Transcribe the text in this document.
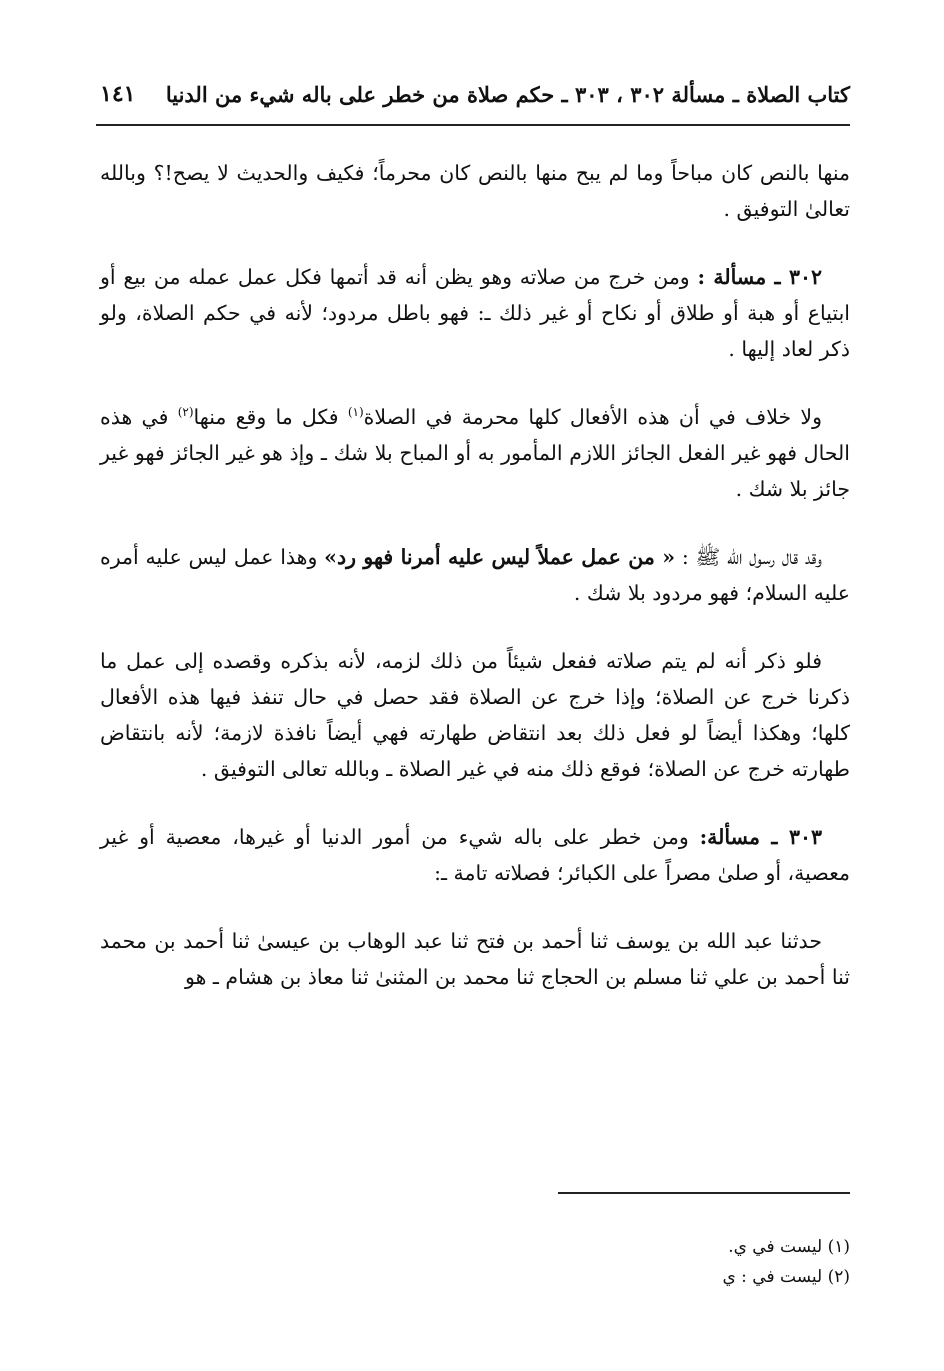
كتاب الصلاة ـ مسألة ٣٠٢ ، ٣٠٣ ـ حكم صلاة من خطر على باله شيء من الدنيا
١٤١

منها بالنص كان مباحاً وما لم يبح منها بالنص كان محرماً؛ فكيف والحديث لا يصح!؟ وبالله تعالىٰ التوفيق .

٣٠٢ ـ مسألة : ومن خرج من صلاته وهو يظن أنه قد أتمها فكل عمل عمله من بيع أو ابتياع أو هبة أو طلاق أو نكاح أو غير ذلك ـ: فهو باطل مردود؛ لأنه في حكم الصلاة، ولو ذكر لعاد إليها .

ولا خلاف في أن هذه الأفعال كلها محرمة في الصلاة$^{(١)}$ فكل ما وقع منها$^{(٢)}$ في هذه الحال فهو غير الفعل الجائز اللازم المأمور به أو المباح بلا شك ـ وإذ هو غير الجائز فهو غير جائز بلا شك .

وقد قال رسول الله ﷺ : « من عمل عملاً ليس عليه أمرنا فهو رد» وهذا عمل ليس عليه أمره عليه السلام؛ فهو مردود بلا شك .

فلو ذكر أنه لم يتم صلاته ففعل شيئاً من ذلك لزمه، لأنه بذكره وقصده إلى عمل ما ذكرنا خرج عن الصلاة؛ وإذا خرج عن الصلاة فقد حصل في حال تنفذ فيها هذه الأفعال كلها؛ وهكذا أيضاً لو فعل ذلك بعد انتقاض طهارته فهي أيضاً نافذة لازمة؛ لأنه بانتقاض طهارته خرج عن الصلاة؛ فوقع ذلك منه في غير الصلاة ـ وبالله تعالى التوفيق .

٣٠٣ ـ مسألة: ومن خطر على باله شيء من أمور الدنيا أو غيرها، معصية أو غير معصية، أو صلىٰ مصراً على الكبائر؛ فصلاته تامة ـ:

حدثنا عبد الله بن يوسف ثنا أحمد بن فتح ثنا عبد الوهاب بن عيسىٰ ثنا أحمد بن محمد ثنا أحمد بن علي ثنا مسلم بن الحجاج ثنا محمد بن المثنىٰ ثنا معاذ بن هشام ـ هو

(١) ليست في ي.
(٢) ليست في : ي
